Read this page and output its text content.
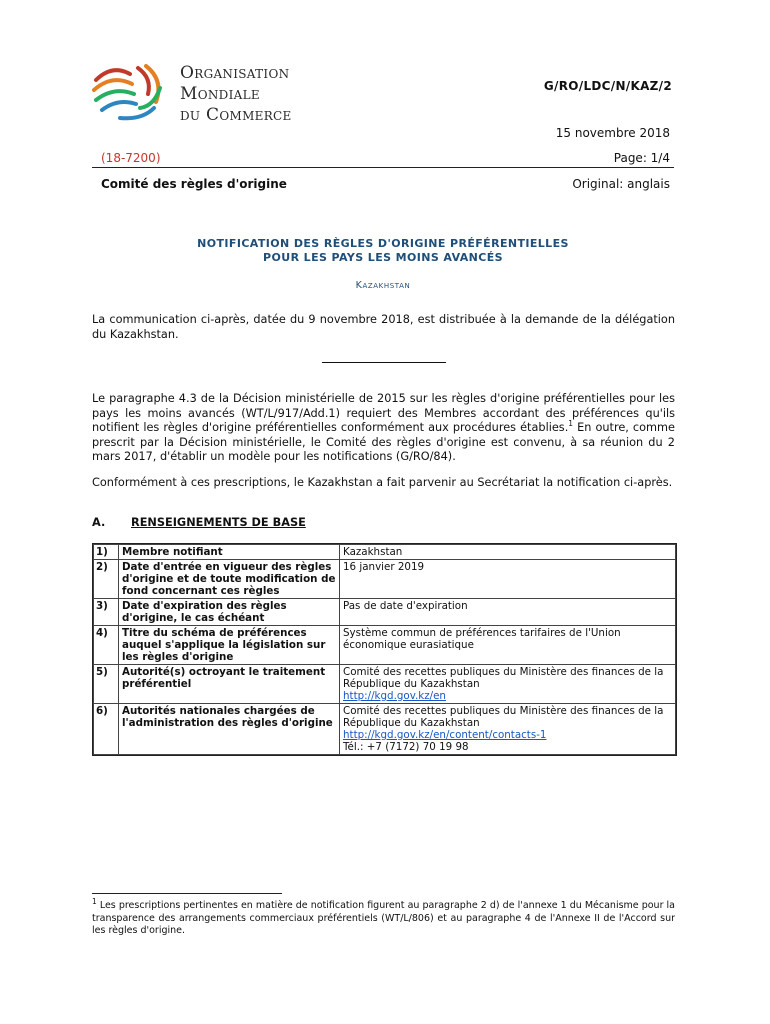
Organisation
Mondiale
du Commerce
G/RO/LDC/N/KAZ/2
15 novembre 2018
(18-7200)	Page: 1/4
Comité des règles d'origine	Original: anglais
NOTIFICATION DES RÈGLES D'ORIGINE PRÉFÉRENTIELLES
POUR LES PAYS LES MOINS AVANCÉS
Kazakhstan
La communication ci-après, datée du 9 novembre 2018, est distribuée à la demande de la délégation du Kazakhstan.
Le paragraphe 4.3 de la Décision ministérielle de 2015 sur les règles d'origine préférentielles pour les pays les moins avancés (WT/L/917/Add.1) requiert des Membres accordant des préférences qu'ils notifient les règles d'origine préférentielles conformément aux procédures établies.$^1$ En outre, comme prescrit par la Décision ministérielle, le Comité des règles d'origine est convenu, à sa réunion du 2 mars 2017, d'établir un modèle pour les notifications (G/RO/84).
Conformément à ces prescriptions, le Kazakhstan a fait parvenir au Secrétariat la notification ci-après.
A. RENSEIGNEMENTS DE BASE
1)	Membre notifiant	Kazakhstan

2)	Date d'entrée en vigueur des règles d'origine et de toute modification de fond concernant ces règles	16 janvier 2019

3)	Date d'expiration des règles d'origine, le cas échéant	Pas de date d'expiration

4)	Titre du schéma de préférences auquel s'applique la législation sur les règles d'origine	Système commun de préférences tarifaires de l'Union économique eurasiatique

5)	Autorité(s) octroyant le traitement préférentiel	Comité des recettes publiques du Ministère des finances de la République du Kazakhstan
http://kgd.gov.kz/en

6)	Autorités nationales chargées de l'administration des règles d'origine	Comité des recettes publiques du Ministère des finances de la République du Kazakhstan
http://kgd.gov.kz/en/content/contacts-1
Tél.: +7 (7172) 70 19 98
$^1$ Les prescriptions pertinentes en matière de notification figurent au paragraphe 2 d) de l'annexe 1 du Mécanisme pour la transparence des arrangements commerciaux préférentiels (WT/L/806) et au paragraphe 4 de l'Annexe II de l'Accord sur les règles d'origine.
